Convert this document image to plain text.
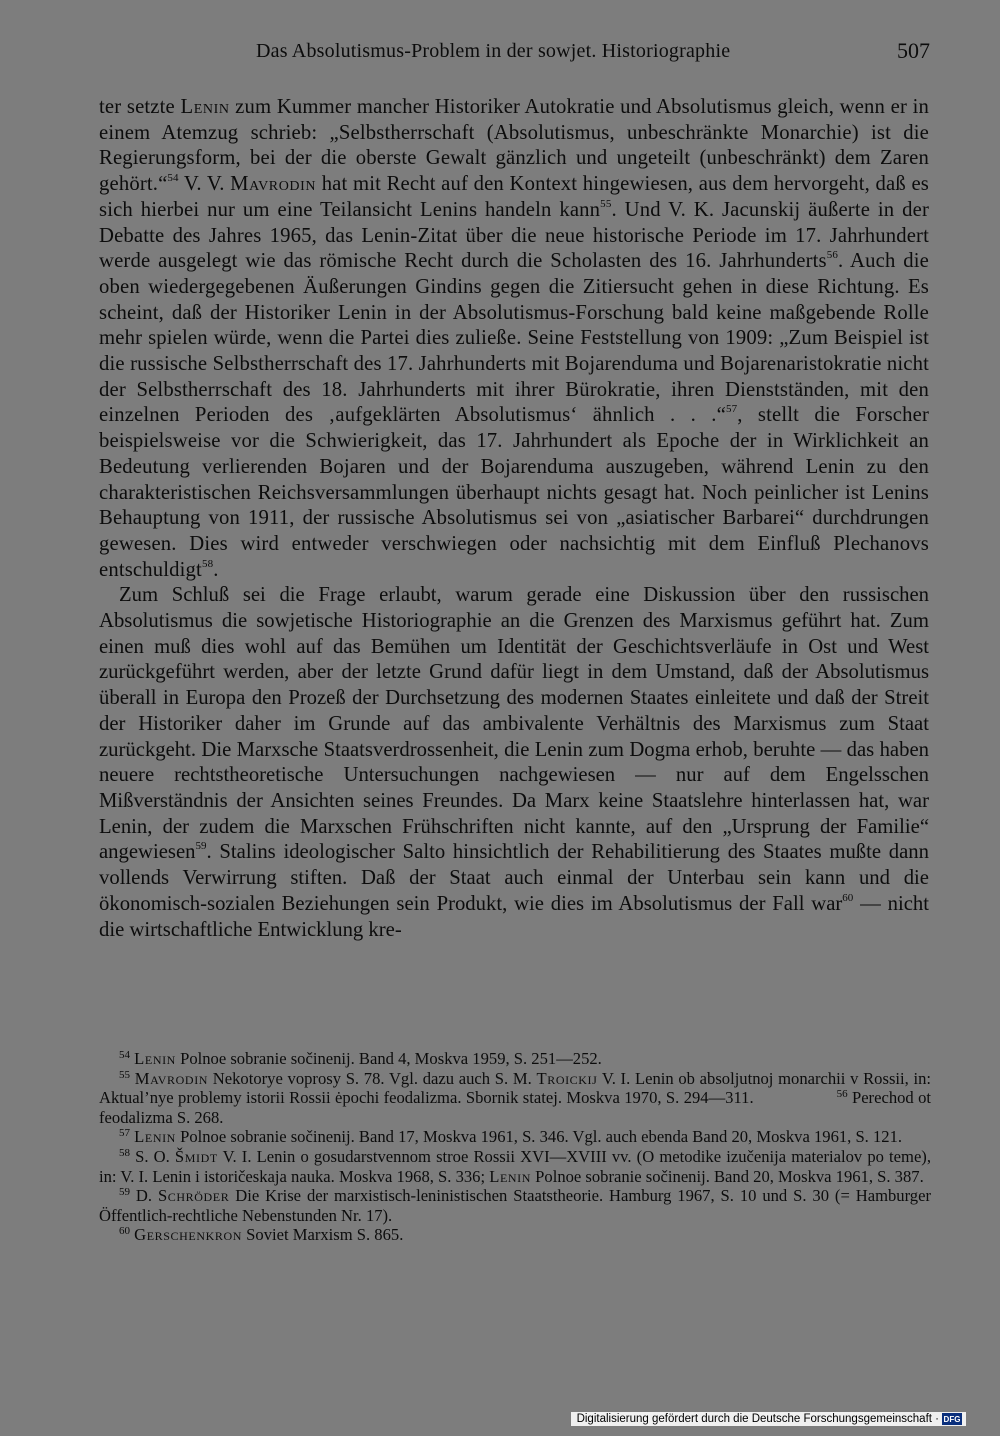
Das Absolutismus-Problem in der sowjet. Historiographie	507

ter setzte Lenin zum Kummer mancher Historiker Autokratie und Absolutismus gleich, wenn er in einem Atemzug schrieb: „Selbstherrschaft (Absolutismus, unbeschränkte Monarchie) ist die Regierungsform, bei der die oberste Gewalt gänzlich und ungeteilt (unbeschränkt) dem Zaren gehört.“$^{54}$ V. V. Mavrodin hat mit Recht auf den Kontext hingewiesen, aus dem hervorgeht, daß es sich hierbei nur um eine Teilansicht Lenins handeln kann$^{55}$. Und V. K. Jacunskij äußerte in der Debatte des Jahres 1965, das Lenin-Zitat über die neue historische Periode im 17. Jahrhundert werde ausgelegt wie das römische Recht durch die Scholasten des 16. Jahrhunderts$^{56}$. Auch die oben wiedergegebenen Äußerungen Gindins gegen die Zitiersucht gehen in diese Richtung. Es scheint, daß der Historiker Lenin in der Absolutismus-Forschung bald keine maßgebende Rolle mehr spielen würde, wenn die Partei dies zuließe. Seine Feststellung von 1909: „Zum Beispiel ist die russische Selbstherrschaft des 17. Jahrhunderts mit Bojarenduma und Bojarenaristokratie nicht der Selbstherrschaft des 18. Jahrhunderts mit ihrer Bürokratie, ihren Dienstständen, mit den einzelnen Perioden des ‚aufgeklärten Absolutismus‘ ähnlich . . .“$^{57}$, stellt die Forscher beispielsweise vor die Schwierigkeit, das 17. Jahrhundert als Epoche der in Wirklichkeit an Bedeutung verlierenden Bojaren und der Bojarenduma auszugeben, während Lenin zu den charakteristischen Reichsversammlungen überhaupt nichts gesagt hat. Noch peinlicher ist Lenins Behauptung von 1911, der russische Absolutismus sei von „asiatischer Barbarei“ durchdrungen gewesen. Dies wird entweder verschwiegen oder nachsichtig mit dem Einfluß Plechanovs entschuldigt$^{58}$.

Zum Schluß sei die Frage erlaubt, warum gerade eine Diskussion über den russischen Absolutismus die sowjetische Historiographie an die Grenzen des Marxismus geführt hat. Zum einen muß dies wohl auf das Bemühen um Identität der Geschichtsverläufe in Ost und West zurückgeführt werden, aber der letzte Grund dafür liegt in dem Umstand, daß der Absolutismus überall in Europa den Prozeß der Durchsetzung des modernen Staates einleitete und daß der Streit der Historiker daher im Grunde auf das ambivalente Verhältnis des Marxismus zum Staat zurückgeht. Die Marxsche Staatsverdrossenheit, die Lenin zum Dogma erhob, beruhte — das haben neuere rechtstheoretische Untersuchungen nachgewiesen — nur auf dem Engelsschen Mißverständnis der Ansichten seines Freundes. Da Marx keine Staatslehre hinterlassen hat, war Lenin, der zudem die Marxschen Frühschriften nicht kannte, auf den „Ursprung der Familie“ angewiesen$^{59}$. Stalins ideologischer Salto hinsichtlich der Rehabilitierung des Staates mußte dann vollends Verwirrung stiften. Daß der Staat auch einmal der Unterbau sein kann und die ökonomisch-sozialen Beziehungen sein Produkt, wie dies im Absolutismus der Fall war$^{60}$ — nicht die wirtschaftliche Entwicklung kre-

$^{54}$ Lenin Polnoe sobranie sočinenij. Band 4, Moskva 1959, S. 251—252.

$^{55}$ Mavrodin Nekotorye voprosy S. 78. Vgl. dazu auch S. M. Troickij V. I. Lenin ob absoljutnoj monarchii v Rossii, in: Aktual’nye problemy istorii Rossii ėpochi feodalizma. Sbornik statej. Moskva 1970, S. 294—311.     	$^{56}$ Perechod ot feodalizma S. 268.

$^{57}$ Lenin Polnoe sobranie sočinenij. Band 17, Moskva 1961, S. 346. Vgl. auch ebenda Band 20, Moskva 1961, S. 121.

$^{58}$ S. O. Šmidt V. I. Lenin o gosudarstvennom stroe Rossii XVI—XVIII vv. (O metodike izučenija materialov po teme), in: V. I. Lenin i istoričeskaja nauka. Moskva 1968, S. 336; Lenin Polnoe sobranie sočinenij. Band 20, Moskva 1961, S. 387.

$^{59}$ D. Schröder Die Krise der marxistisch-leninistischen Staatstheorie. Hamburg 1967, S. 10 und S. 30 (= Hamburger Öffentlich-rechtliche Nebenstunden Nr. 17).

$^{60}$ Gerschenkron Soviet Marxism S. 865.

Digitalisierung gefördert durch die Deutsche Forschungsgemeinschaft · DFG
